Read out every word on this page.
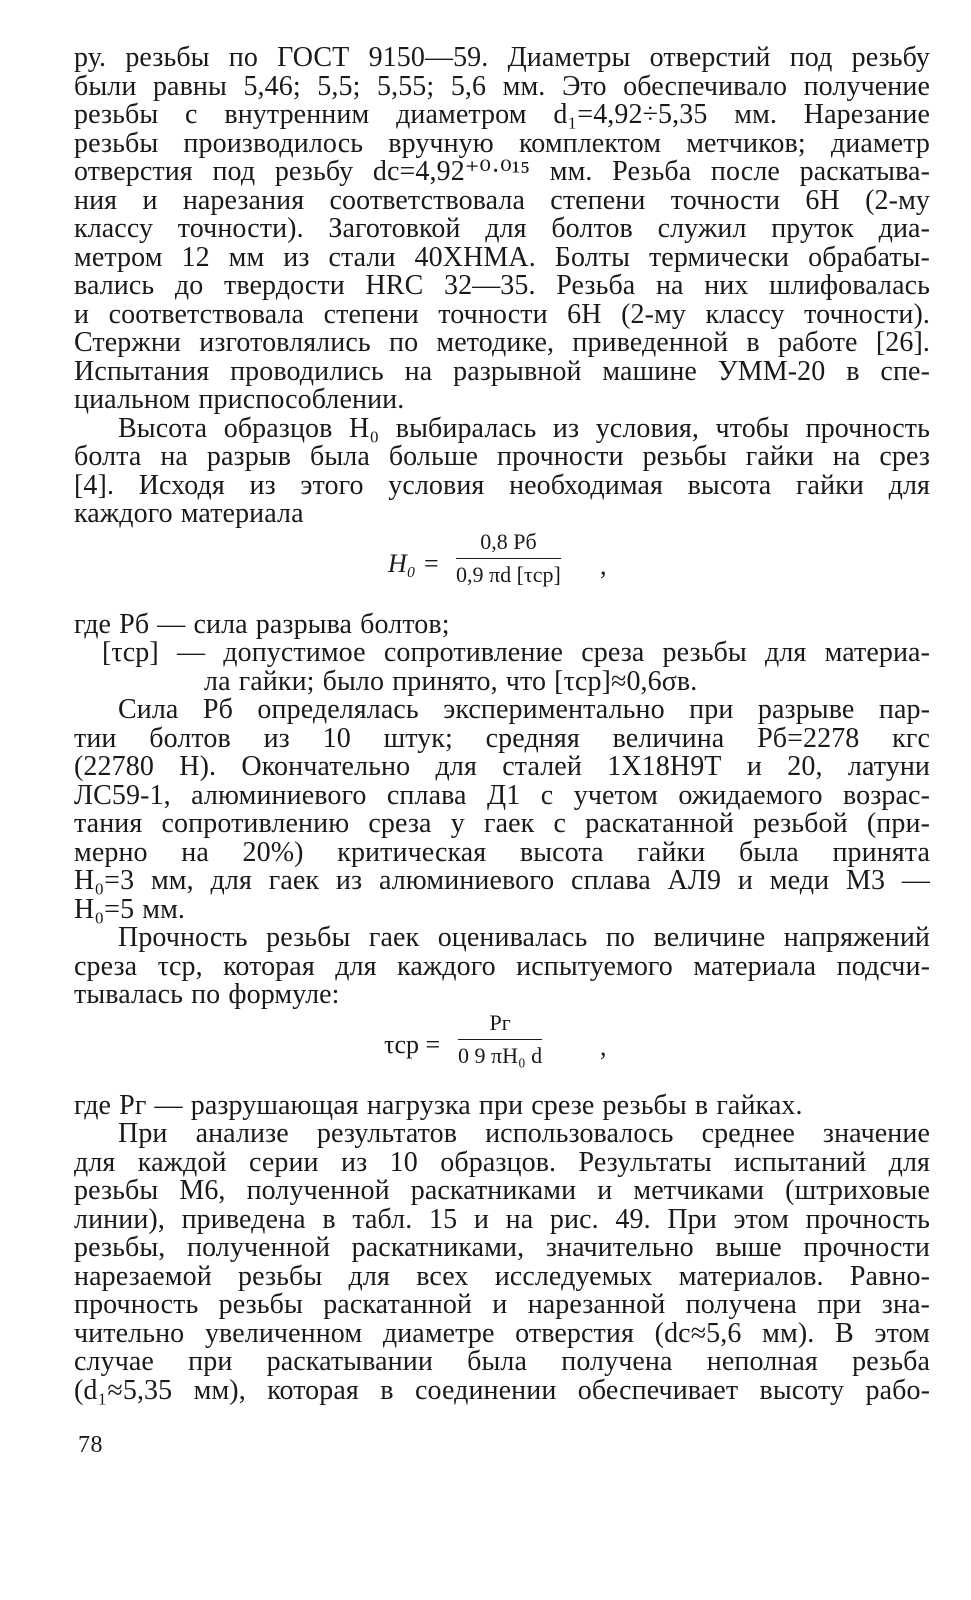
ру. резьбы по ГОСТ 9150—59. Диаметры отверстий под резьбу
были равны 5,46; 5,5; 5,55; 5,6 мм. Это обеспечивало получение
резьбы с внутренним диаметром d₁=4,92÷5,35 мм. Нарезание
резьбы производилось вручную комплектом метчиков; диаметр
отверстия под резьбу dс=4,92⁺⁰·⁰¹⁵ мм. Резьба после раскатыва-
ния и нарезания соответствовала степени точности 6Н (2-му
классу точности). Заготовкой для болтов служил пруток диа-
метром 12 мм из стали 40ХНМА. Болты термически обрабаты-
вались до твердости HRC 32—35. Резьба на них шлифовалась
и соответствовала степени точности 6Н (2-му классу точности).
Стержни изготовлялись по методике, приведенной в работе [26].
Испытания проводились на разрывной машине УММ-20 в спе-
циальном приспособлении.
Высота образцов H₀ выбиралась из условия, чтобы прочность
болта на разрыв была больше прочности резьбы гайки на срез
[4]. Исходя из этого условия необходимая высота гайки для
каждого материала
H₀ =
0,8 Pб
0,9 πd [τср] ,
где Pб — сила разрыва болтов;
[τср] — допустимое сопротивление среза резьбы для материа-
ла гайки; было принято, что [τср]≈0,6σв.
Сила Pб определялась экспериментально при разрыве пар-
тии болтов из 10 штук; средняя величина Pб=2278 кгс
(22780 Н). Окончательно для сталей 1Х18Н9Т и 20, латуни
ЛС59-1, алюминиевого сплава Д1 с учетом ожидаемого возрас-
тания сопротивлению среза у гаек с раскатанной резьбой (при-
мерно на 20%) критическая высота гайки была принята
H₀=3 мм, для гаек из алюминиевого сплава АЛ9 и меди М3 —
H₀=5 мм.
Прочность резьбы гаек оценивалась по величине напряжений
среза τср, которая для каждого испытуемого материала подсчи-
тывалась по формуле:
τср =
Pг
0 9 πH₀ d ,
где Pг — разрушающая нагрузка при срезе резьбы в гайках.
При анализе результатов использовалось среднее значение
для каждой серии из 10 образцов. Результаты испытаний для
резьбы М6, полученной раскатниками и метчиками (штриховые
линии), приведена в табл. 15 и на рис. 49. При этом прочность
резьбы, полученной раскатниками, значительно выше прочности
нарезаемой резьбы для всех исследуемых материалов. Равно-
прочность резьбы раскатанной и нарезанной получена при зна-
чительно увеличенном диаметре отверстия (dс≈5,6 мм). В этом
случае при раскатывании была получена неполная резьба
(d₁≈5,35 мм), которая в соединении обеспечивает высоту рабо-
78
